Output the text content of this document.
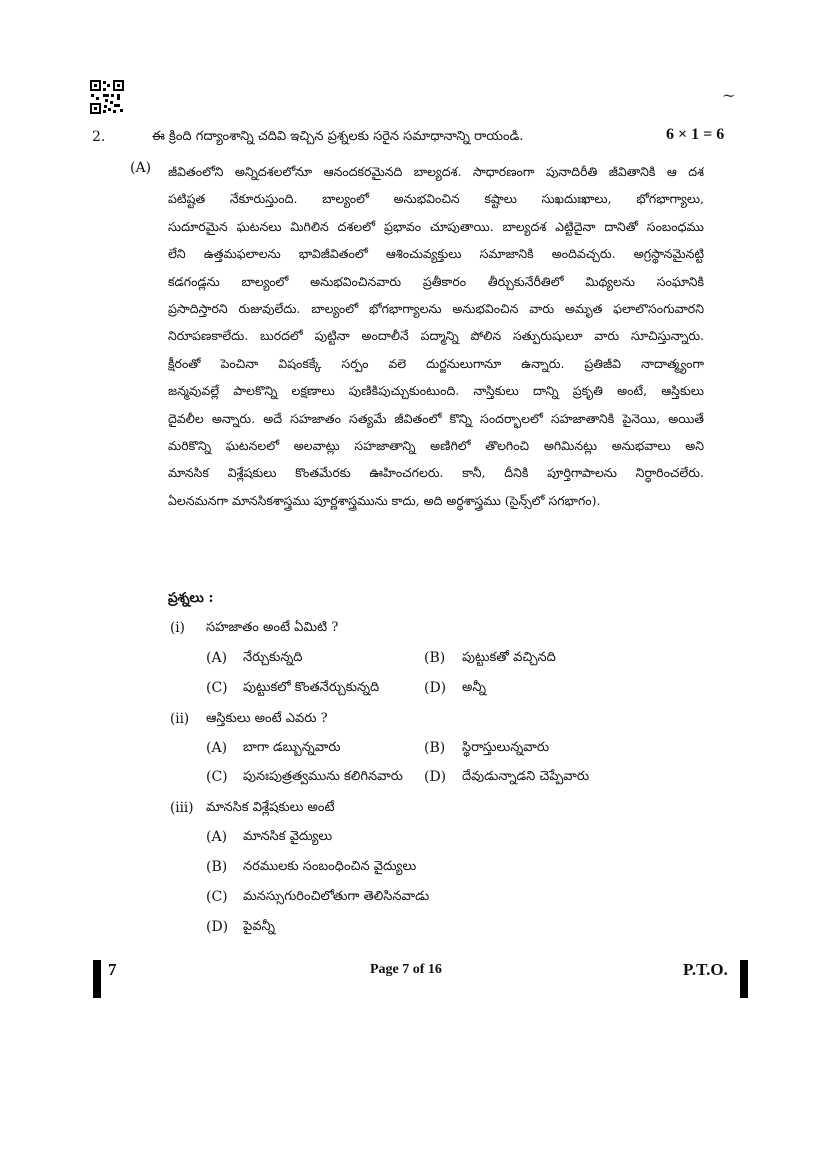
~
2.	ఈ క్రింది గద్యాంశాన్ని చదివి ఇచ్చిన ప్రశ్నలకు సరైన సమాధానాన్ని రాయండి.	6 × 1 = 6
(A) జీవితంలోని అన్నిదశలలోనూ ఆనందకరమైనది బాల్యదశ. సాధారణంగా పునాదిరీతి జీవితానికి ఆ దశ
పటిష్టత నేకూరుస్తుంది. బాల్యంలో అనుభవించిన కష్టాలు సుఖదుఃఖాలు, భోగభాగ్యాలు,
సుదూరమైన ఘటనలు మిగిలిన దశలలో ప్రభావం చూపుతాయి. బాల్యదశ ఎట్టిదైనా దానితో సంబంధము
లేని ఉత్తమఫలాలను భావిజీవితంలో ఆశించువ్యక్తులు సమాజానికి అందివచ్చరు. అగ్రస్థానమైనట్టి
కడగండ్లను బాల్యంలో అనుభవించినవారు ప్రతీకారం తీర్చుకునేరీతిలో మిథ్యలను సంఘానికి
ప్రసాదిస్తారని రుజువులేదు. బాల్యంలో భోగభాగ్యాలను అనుభవించిన వారు అమృత ఫలాలొసంగువారని
నిరూపణకాలేదు. బురదలో పుట్టినా అందాలీనే పద్మాన్ని పోలిన సత్పురుషులూ వారు సూచిస్తున్నారు.
క్షీరంతో పెంచినా విషంకక్కే సర్పం వలె దుర్జనులుగానూ ఉన్నారు. ప్రతిజీవి నాదాత్మ్యంగా
జన్మవువల్లే పాలకొన్ని లక్షణాలు పుణికిపుచ్చుకుంటుంది. నాస్తికులు దాన్ని ప్రకృతి అంటే, ఆస్తికులు
దైవలీల అన్నారు. అదే సహజాతం సత్యమే జీవితంలో కొన్ని సందర్భాలలో సహజాతానికి పైనెయి, అయితే
మరికొన్ని ఘటనలలో అలవాట్లు సహజాతాన్ని అణిగిలో తొలగించి అగిమినట్లు అనుభవాలు అని
మానసిక విశ్లేషకులు కొంతమేరకు ఊహించగలరు. కానీ, దీనికి పూర్తిగాపాలను నిర్ధారించలేరు.
ఏలనమనగా మానసికశాస్త్రము పూర్ణశాస్త్రమును కాదు, అది అర్ధశాస్త్రము (సైన్స్‌లో సగభాగం).
ప్రశ్నలు :
(i) సహజాతం అంటే ఏమిటి ?
(A) నేర్చుకున్నది	(B) పుట్టుకతో వచ్చినది
(C) పుట్టుకలో కొంతనేర్చుకున్నది	(D) అన్నీ
(ii) ఆస్తికులు అంటే ఎవరు ?
(A) బాగా డబ్బున్నవారు	(B) స్థిరాస్తులున్నవారు
(C) పునఃపుత్రత్వమును కలిగినవారు (D) దేవుడున్నాడని చెప్పేవారు
(iii) మానసిక విశ్లేషకులు అంటే
(A) మానసిక వైద్యులు
(B) నరములకు సంబంధించిన వైద్యులు
(C) మనస్సుగురించిలోతుగా తెలిసినవాడు
(D) పైవన్నీ
7	Page 7 of 16	P.T.O.
